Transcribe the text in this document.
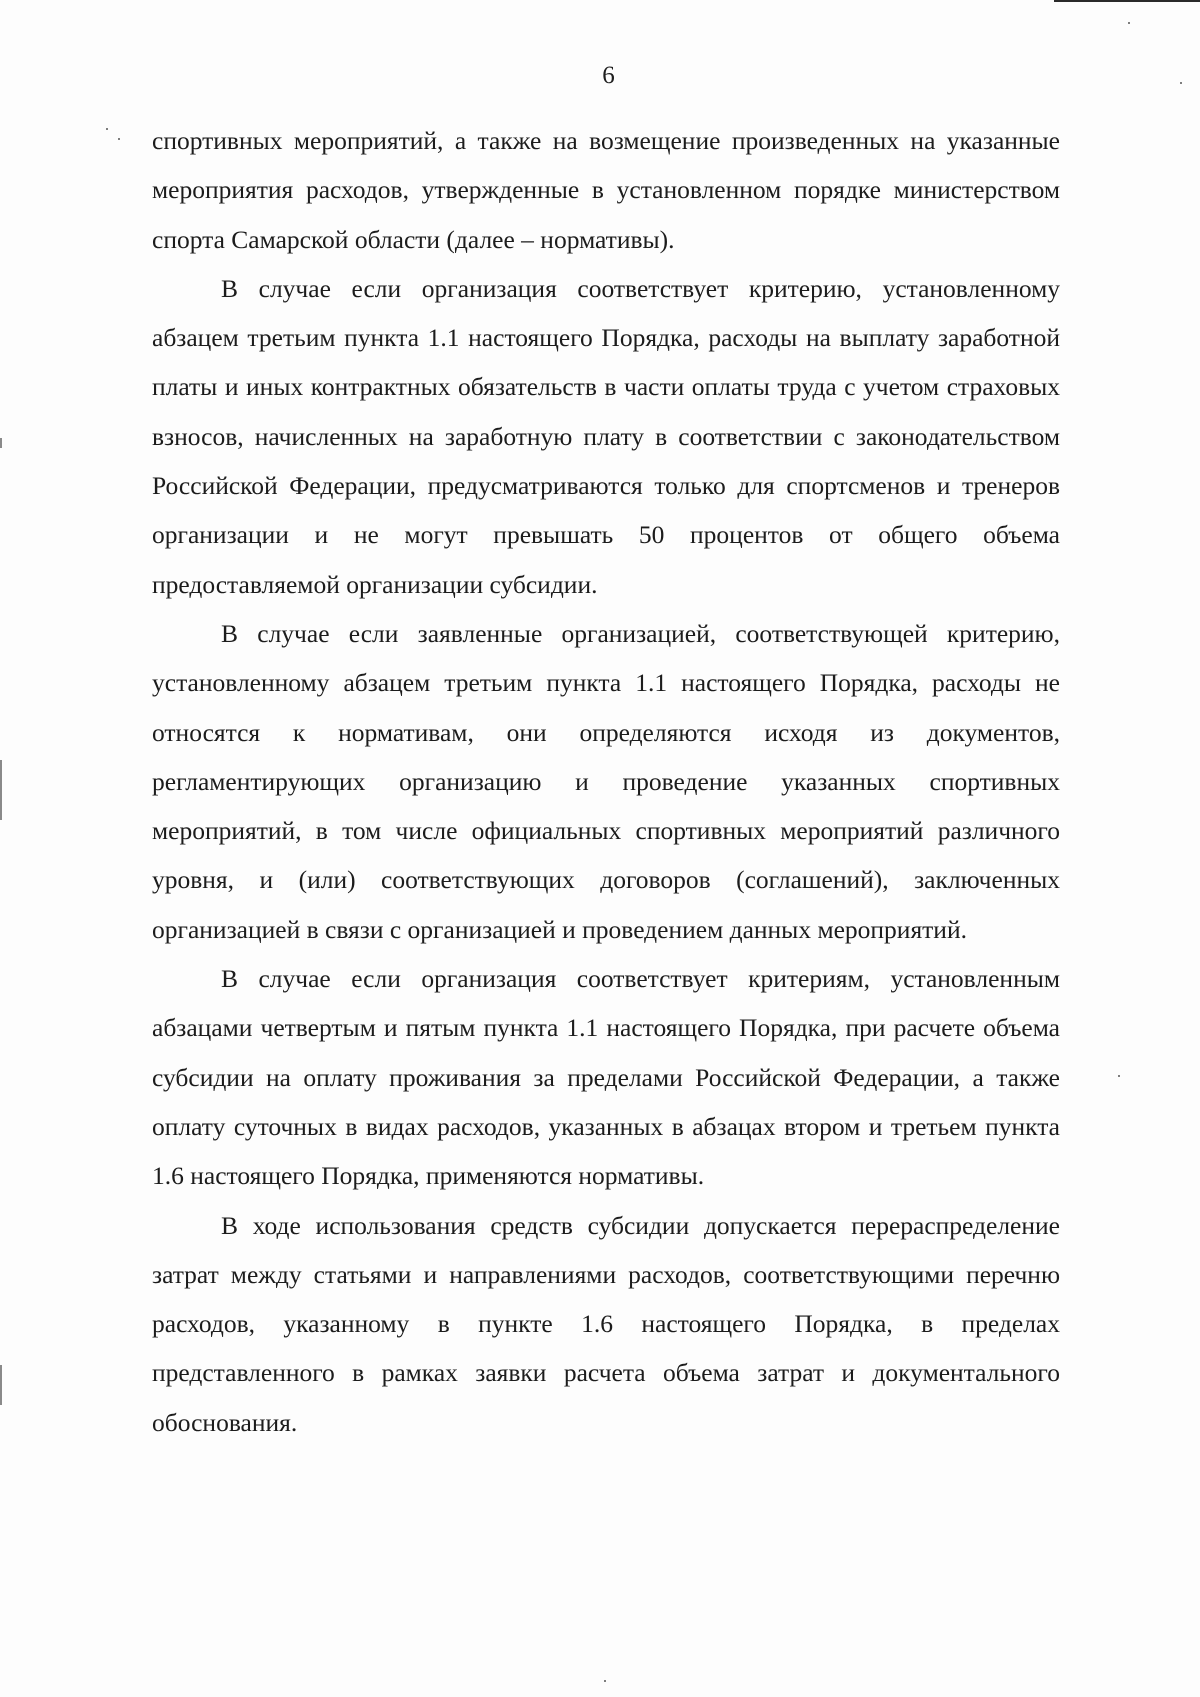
6

спортивных мероприятий, а также на возмещение произведенных на указанные мероприятия расходов, утвержденные в установленном порядке министерством спорта Самарской области (далее – нормативы).

В случае если организация соответствует критерию, установленному абзацем третьим пункта 1.1 настоящего Порядка, расходы на выплату заработной платы и иных контрактных обязательств в части оплаты труда с учетом страховых взносов, начисленных на заработную плату в соответствии с законодательством Российской Федерации, предусматриваются только для спортсменов и тренеров организации и не могут превышать 50 процентов от общего объема предоставляемой организации субсидии.

В случае если заявленные организацией, соответствующей критерию, установленному абзацем третьим пункта 1.1 настоящего Порядка, расходы не относятся к нормативам, они определяются исходя из документов, регламентирующих организацию и проведение указанных спортивных мероприятий, в том числе официальных спортивных мероприятий различного уровня, и (или) соответствующих договоров (соглашений), заключенных организацией в связи с организацией и проведением данных мероприятий.

В случае если организация соответствует критериям, установленным абзацами четвертым и пятым пункта 1.1 настоящего Порядка, при расчете объема субсидии на оплату проживания за пределами Российской Федерации, а также оплату суточных в видах расходов, указанных в абзацах втором и третьем пункта 1.6 настоящего Порядка, применяются нормативы.

В ходе использования средств субсидии допускается перераспределение затрат между статьями и направлениями расходов, соответствующими перечню расходов, указанному в пункте 1.6 настоящего Порядка, в пределах представленного в рамках заявки расчета объема затрат и документального обоснования.
